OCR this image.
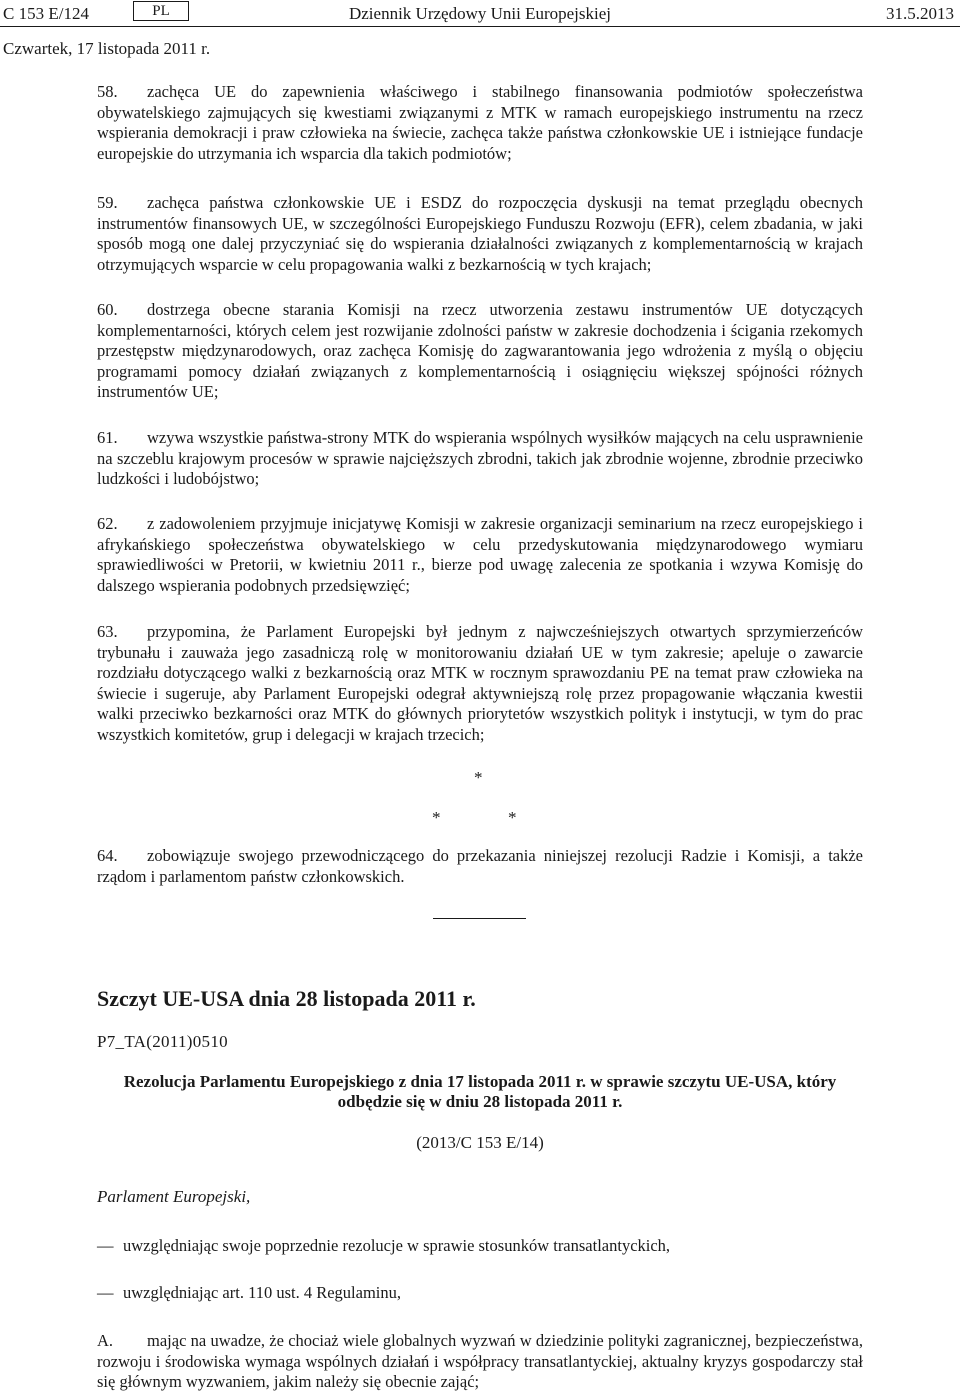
C 153 E/124	PL	Dziennik Urzędowy Unii Europejskiej	31.5.2013
Czwartek, 17 listopada 2011 r.
58. zachęca UE do zapewnienia właściwego i stabilnego finansowania podmiotów społeczeństwa obywatelskiego zajmujących się kwestiami związanymi z MTK w ramach europejskiego instrumentu na rzecz wspierania demokracji i praw człowieka na świecie, zachęca także państwa członkowskie UE i istniejące fundacje europejskie do utrzymania ich wsparcia dla takich podmiotów;
59. zachęca państwa członkowskie UE i ESDZ do rozpoczęcia dyskusji na temat przeglądu obecnych instrumentów finansowych UE, w szczególności Europejskiego Funduszu Rozwoju (EFR), celem zbadania, w jaki sposób mogą one dalej przyczyniać się do wspierania działalności związanych z komplementarnością w krajach otrzymujących wsparcie w celu propagowania walki z bezkarnością w tych krajach;
60. dostrzega obecne starania Komisji na rzecz utworzenia zestawu instrumentów UE dotyczących komplementarności, których celem jest rozwijanie zdolności państw w zakresie dochodzenia i ścigania rzekomych przestępstw międzynarodowych, oraz zachęca Komisję do zagwarantowania jego wdrożenia z myślą o objęciu programami pomocy działań związanych z komplementarnością i osiągnięciu większej spójności różnych instrumentów UE;
61. wzywa wszystkie państwa-strony MTK do wspierania wspólnych wysiłków mających na celu usprawnienie na szczeblu krajowym procesów w sprawie najcięższych zbrodni, takich jak zbrodnie wojenne, zbrodnie przeciwko ludzkości i ludobójstwo;
62. z zadowoleniem przyjmuje inicjatywę Komisji w zakresie organizacji seminarium na rzecz europejskiego i afrykańskiego społeczeństwa obywatelskiego w celu przedyskutowania międzynarodowego wymiaru sprawiedliwości w Pretorii, w kwietniu 2011 r., bierze pod uwagę zalecenia ze spotkania i wzywa Komisję do dalszego wspierania podobnych przedsięwzięć;
63. przypomina, że Parlament Europejski był jednym z najwcześniejszych otwartych sprzymierzeńców trybunału i zauważa jego zasadniczą rolę w monitorowaniu działań UE w tym zakresie; apeluje o zawarcie rozdziału dotyczącego walki z bezkarnością oraz MTK w rocznym sprawozdaniu PE na temat praw człowieka na świecie i sugeruje, aby Parlament Europejski odegrał aktywniejszą rolę przez propagowanie włączania kwestii walki przeciwko bezkarności oraz MTK do głównych priorytetów wszystkich polityk i instytucji, w tym do prac wszystkich komitetów, grup i delegacji w krajach trzecich;
*
*	*
64. zobowiązuje swojego przewodniczącego do przekazania niniejszej rezolucji Radzie i Komisji, a także rządom i parlamentom państw członkowskich.
Szczyt UE-USA dnia 28 listopada 2011 r.
P7_TA(2011)0510
Rezolucja Parlamentu Europejskiego z dnia 17 listopada 2011 r. w sprawie szczytu UE-USA, który odbędzie się w dniu 28 listopada 2011 r.
(2013/C 153 E/14)
Parlament Europejski,
— uwzględniając swoje poprzednie rezolucje w sprawie stosunków transatlantyckich,
— uwzględniając art. 110 ust. 4 Regulaminu,
A. mając na uwadze, że chociaż wiele globalnych wyzwań w dziedzinie polityki zagranicznej, bezpieczeństwa, rozwoju i środowiska wymaga wspólnych działań i współpracy transatlantyckiej, aktualny kryzys gospodarczy stał się głównym wyzwaniem, jakim należy się obecnie zająć;
